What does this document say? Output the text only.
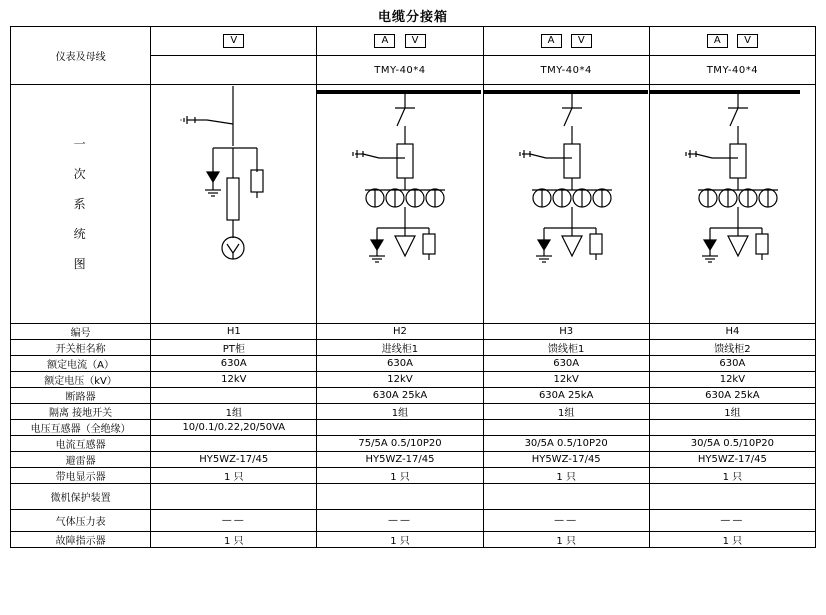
电缆分接箱
仪表及母线	V	A V	A V	A V
		TMY-40*4	TMY-40*4	TMY-40*4

一
次
系
统
图

编号	H1	H2	H3	H4
开关柜名称	PT柜	进线柜1	馈线柜1	馈线柜2
额定电流（A）	630A	630A	630A	630A
额定电压（kV）	12kV	12kV	12kV	12kV
断路器		630A 25kA	630A 25kA	630A 25kA
隔离 接地开关	1组	1组	1组	1组
电压互感器（全绝缘）	10/0.1/0.22,20/50VA			
电流互感器		75/5A 0.5/10P20	30/5A 0.5/10P20	30/5A 0.5/10P20
避雷器	HY5WZ-17/45	HY5WZ-17/45	HY5WZ-17/45	HY5WZ-17/45
带电显示器	1 只	1 只	1 只	1 只
微机保护装置				
气体压力表	——	——	——	——
故障指示器	1 只	1 只	1 只	1 只
